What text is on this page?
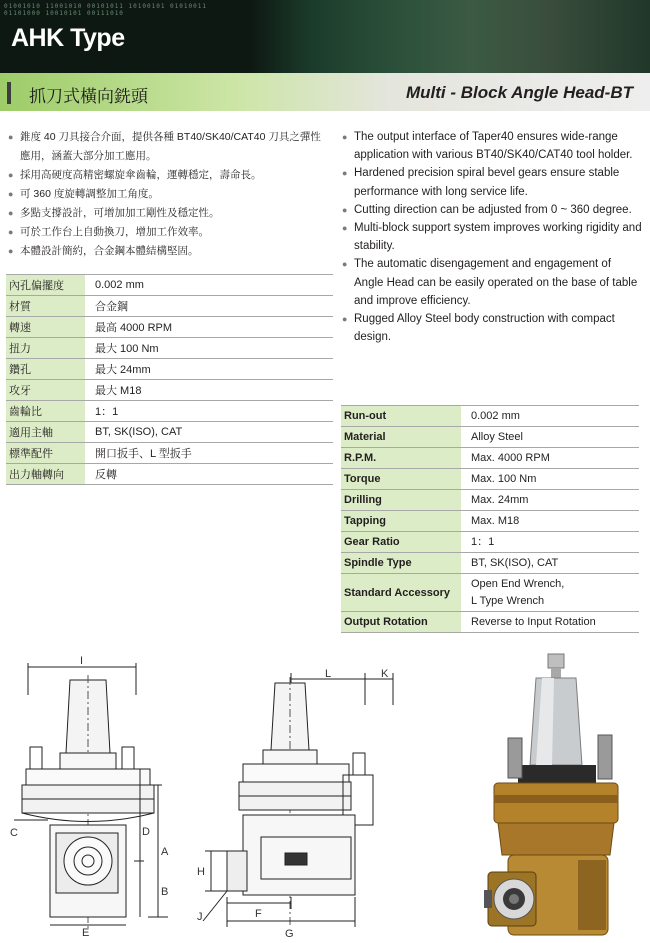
01001010 11001010 00101011 10100101 01010011 01101000 10010101 00111010
AHK Type
抓刀式橫向銑頭	Multi - Block Angle Head-BT
● 錐度 40 刀具接合介面，提供各種 BT40/SK40/CAT40 刀具之彈性應用，涵蓋大部分加工應用。
● 採用高硬度高精密螺旋傘齒輪，運轉穩定，壽命長。
● 可 360 度旋轉調整加工角度。
● 多點支撐設計，可增加加工剛性及穩定性。
● 可於工作台上自動換刀，增加工作效率。
● 本體設計簡約，合金鋼本體結構堅固。
● The output interface of Taper40 ensures wide-range application with various BT40/SK40/CAT40 tool holder.
● Hardened precision spiral bevel gears ensure stable performance with long service life.
● Cutting direction can be adjusted from 0 ~ 360 degree.
● Multi-block support system improves working rigidity and stability.
● The automatic disengagement and engagement of Angle Head can be easily operated on the base of table and improve efficiency.
● Rugged Alloy Steel body construction with compact design.
內孔偏擺度	0.002 mm
材質	合金鋼
轉速	最高 4000 RPM
扭力	最大 100 Nm
鑽孔	最大 24mm
攻牙	最大 M18
齒輪比	1：1
適用主軸	BT, SK(ISO), CAT
標準配件	開口扳手、L 型扳手
出力軸轉向	反轉
Run-out	0.002 mm
Material	Alloy Steel
R.P.M.	Max. 4000 RPM
Torque	Max. 100 Nm
Drilling	Max. 24mm
Tapping	Max. M18
Gear Ratio	1：1
Spindle Type	BT, SK(ISO), CAT
Standard Accessory	Open End Wrench,
L Type Wrench
Output Rotation	Reverse to Input Rotation
I
C	D
A
B
E
L	K
H
J	F
G
